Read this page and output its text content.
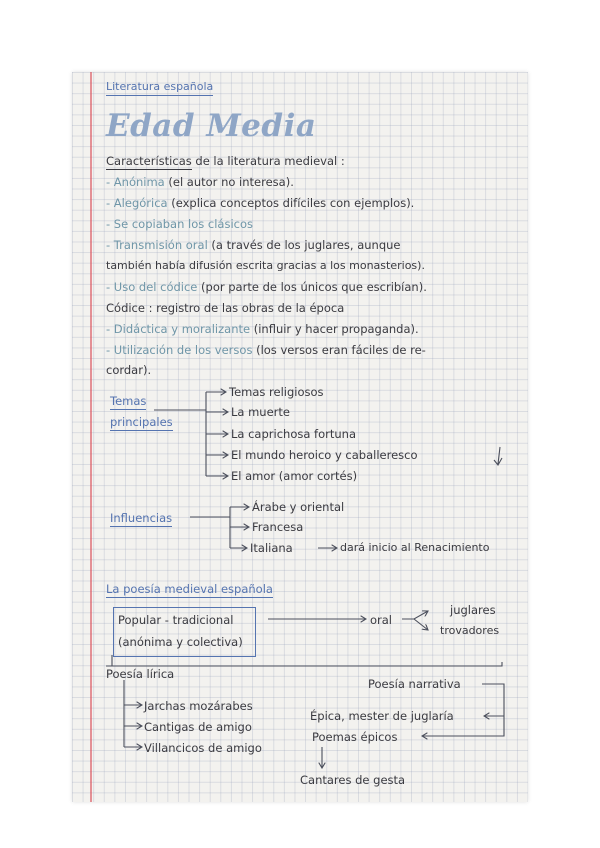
Literatura española
Edad Media
Características de la literatura medieval :
- Anónima (el autor no interesa).
- Alegórica (explica conceptos difíciles con ejemplos).
- Se copiaban los clásicos
- Transmisión oral (a través de los juglares, aunque
también había difusión escrita gracias a los monasterios).
- Uso del códice (por parte de los únicos que escribían).
Códice : registro de las obras de la época
- Didáctica y moralizante (influir y hacer propaganda).
- Utilización de los versos (los versos eran fáciles de re-
cordar).
Temas
principales
Temas religiosos
La muerte
La caprichosa fortuna
El mundo heroico y caballeresco
El amor (amor cortés)
Influencias
Árabe y oriental
Francesa
Italiana	dará inicio al Renacimiento
La poesía medieval española
Popular - tradicional
(anónima y colectiva)
oral
juglares
trovadores
Poesía lírica
Poesía narrativa
Jarchas mozárabes
Cantigas de amigo
Villancicos de amigo
Épica, mester de juglaría
Poemas épicos
Cantares de gesta
